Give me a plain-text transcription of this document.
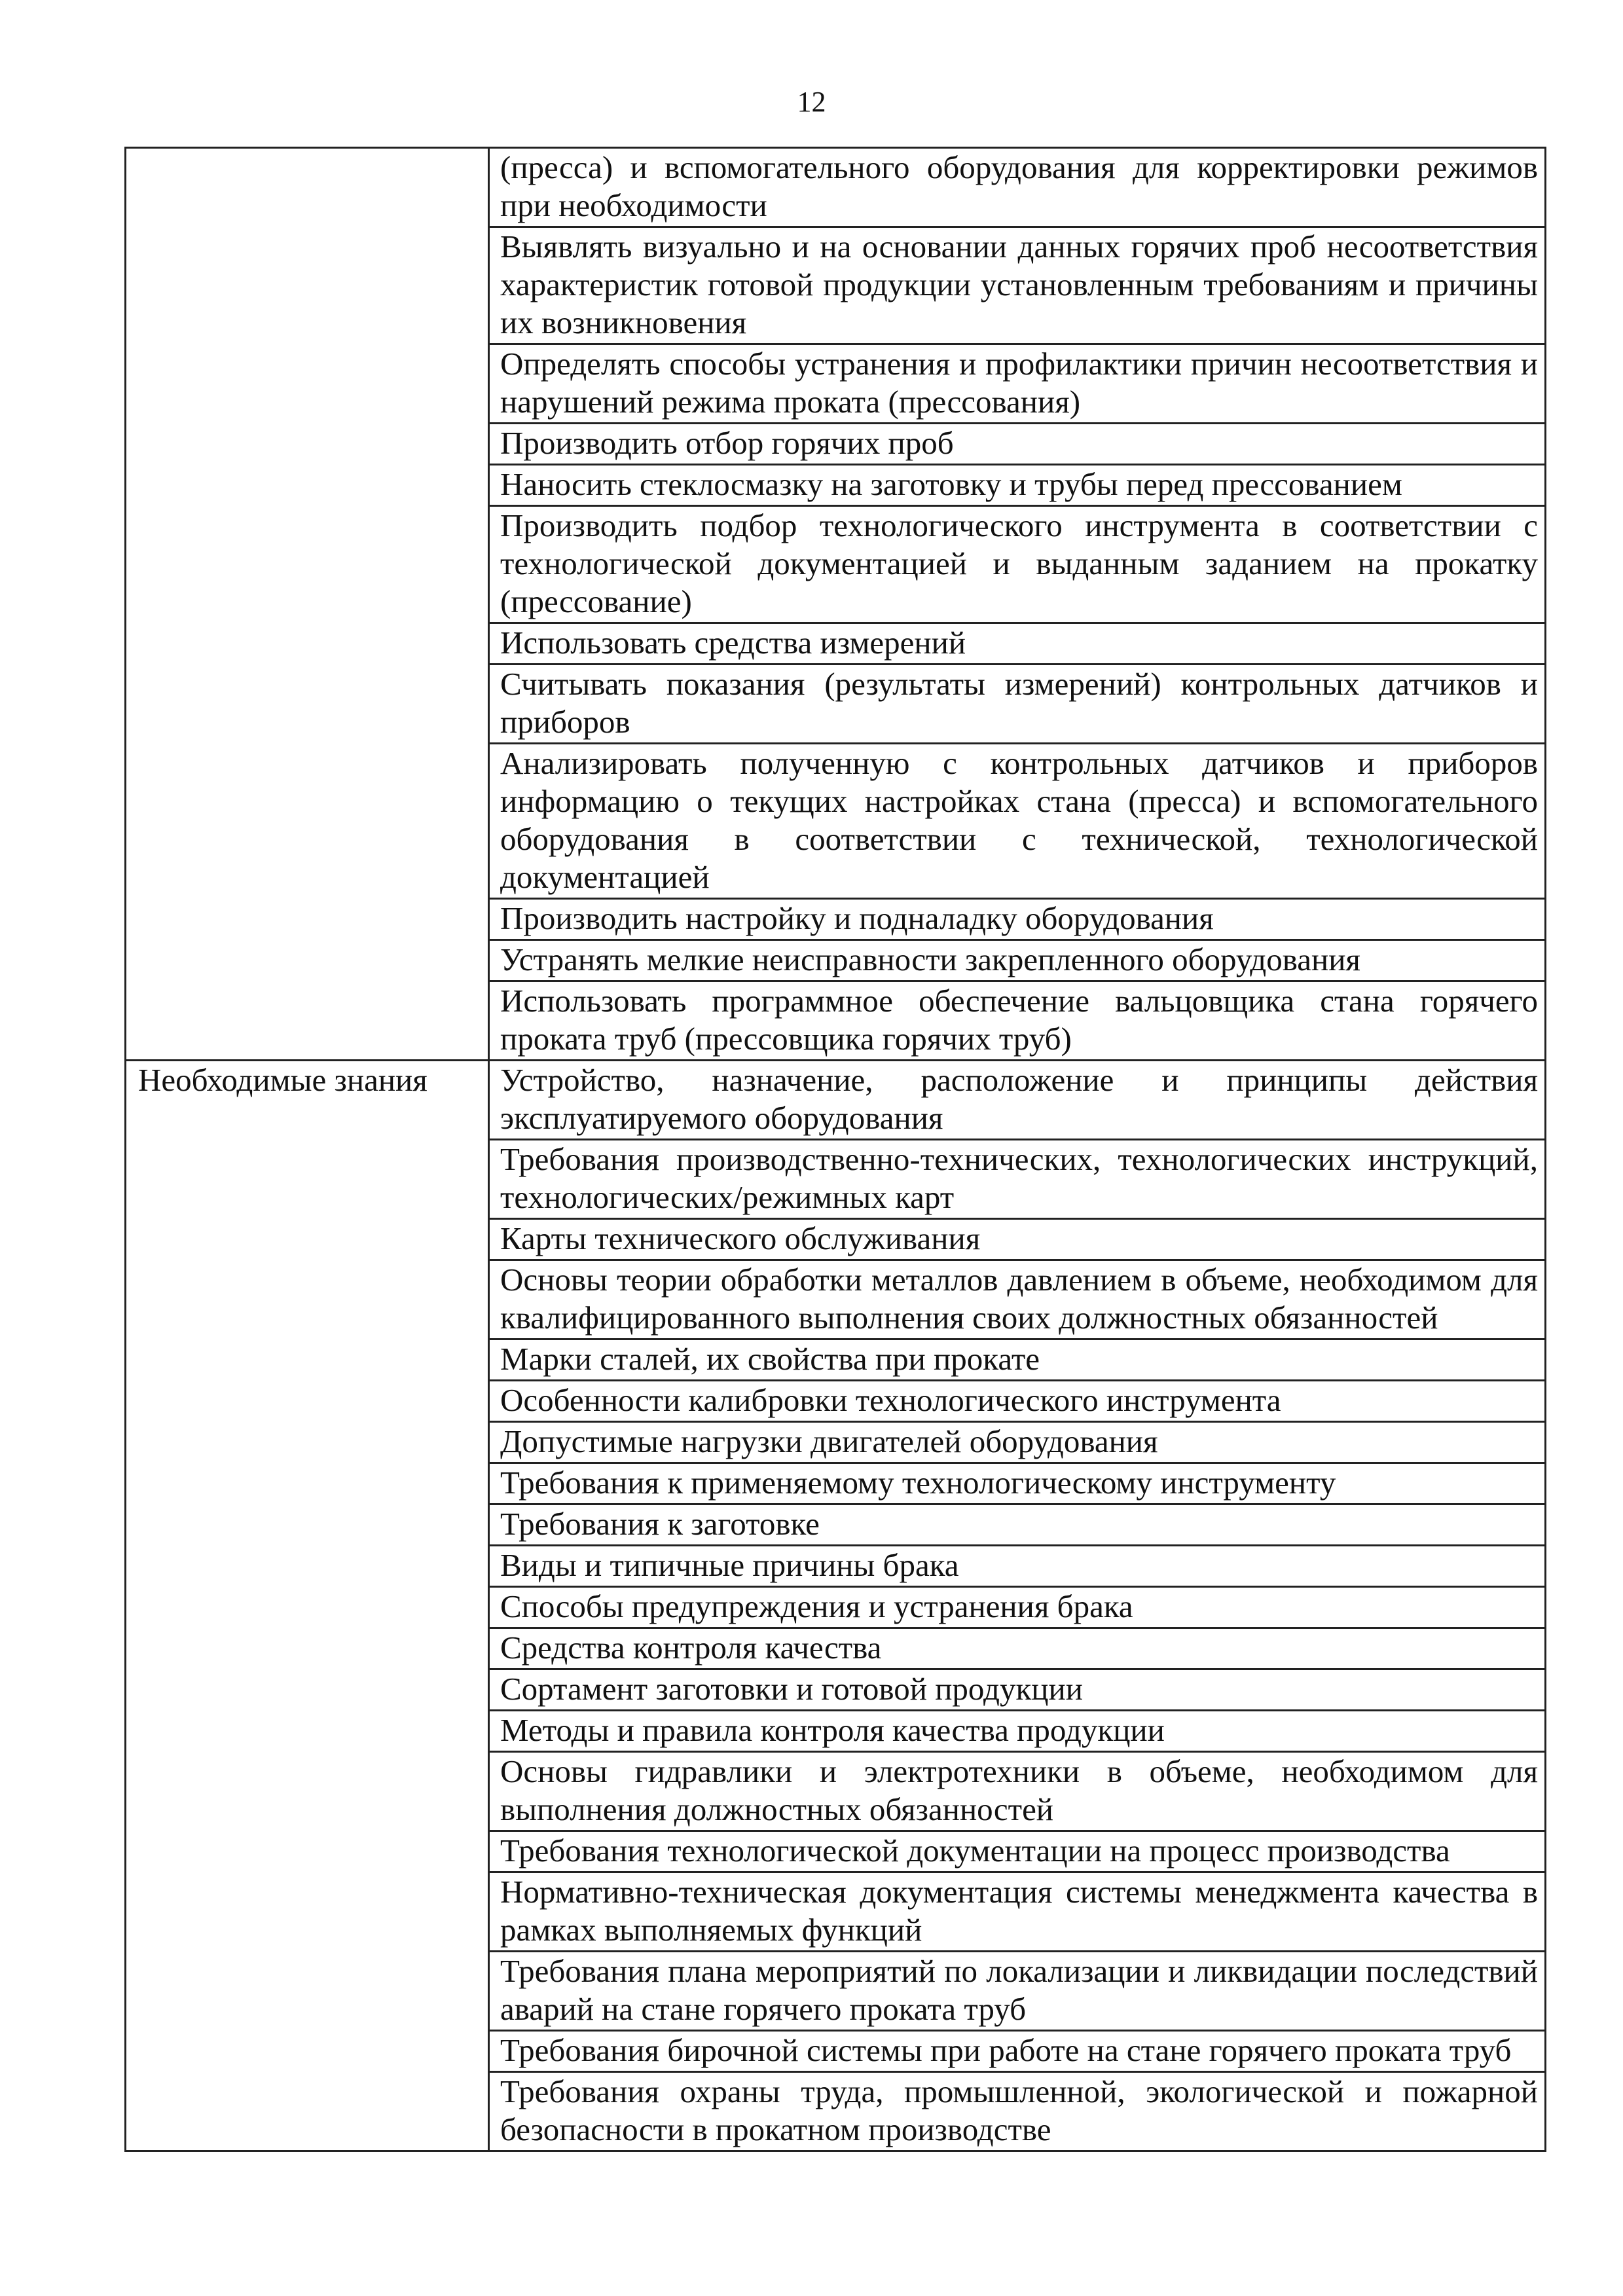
12
	(пресса) и вспомогательного оборудования для корректировки режимов при необходимости
	Выявлять визуально и на основании данных горячих проб несоответствия характеристик готовой продукции установленным требованиям и причины их возникновения
	Определять способы устранения и профилактики причин несоответствия и нарушений режима проката (прессования)
	Производить отбор горячих проб
	Наносить стеклосмазку на заготовку и трубы перед прессованием
	Производить подбор технологического инструмента в соответствии с технологической документацией и выданным заданием на прокатку (прессование)
	Использовать средства измерений
	Считывать показания (результаты измерений) контрольных датчиков и приборов
	Анализировать полученную с контрольных датчиков и приборов информацию о текущих настройках стана (пресса) и вспомогательного оборудования в соответствии с технической, технологической документацией
	Производить настройку и подналадку оборудования
	Устранять мелкие неисправности закрепленного оборудования
	Использовать программное обеспечение вальцовщика стана горячего проката труб (прессовщика горячих труб)

Необходимые знания	Устройство, назначение, расположение и принципы действия эксплуатируемого оборудования
	Требования производственно-технических, технологических инструкций, технологических/режимных карт
	Карты технического обслуживания
	Основы теории обработки металлов давлением в объеме, необходимом для квалифицированного выполнения своих должностных обязанностей
	Марки сталей, их свойства при прокате
	Особенности калибровки технологического инструмента
	Допустимые нагрузки двигателей оборудования
	Требования к применяемому технологическому инструменту
	Требования к заготовке
	Виды и типичные причины брака
	Способы предупреждения и устранения брака
	Средства контроля качества
	Сортамент заготовки и готовой продукции
	Методы и правила контроля качества продукции
	Основы гидравлики и электротехники в объеме, необходимом для выполнения должностных обязанностей
	Требования технологической документации на процесс производства
	Нормативно-техническая документация системы менеджмента качества в рамках выполняемых функций
	Требования плана мероприятий по локализации и ликвидации последствий аварий на стане горячего проката труб
	Требования бирочной системы при работе на стане горячего проката труб
	Требования охраны труда, промышленной, экологической и пожарной безопасности в прокатном производстве
